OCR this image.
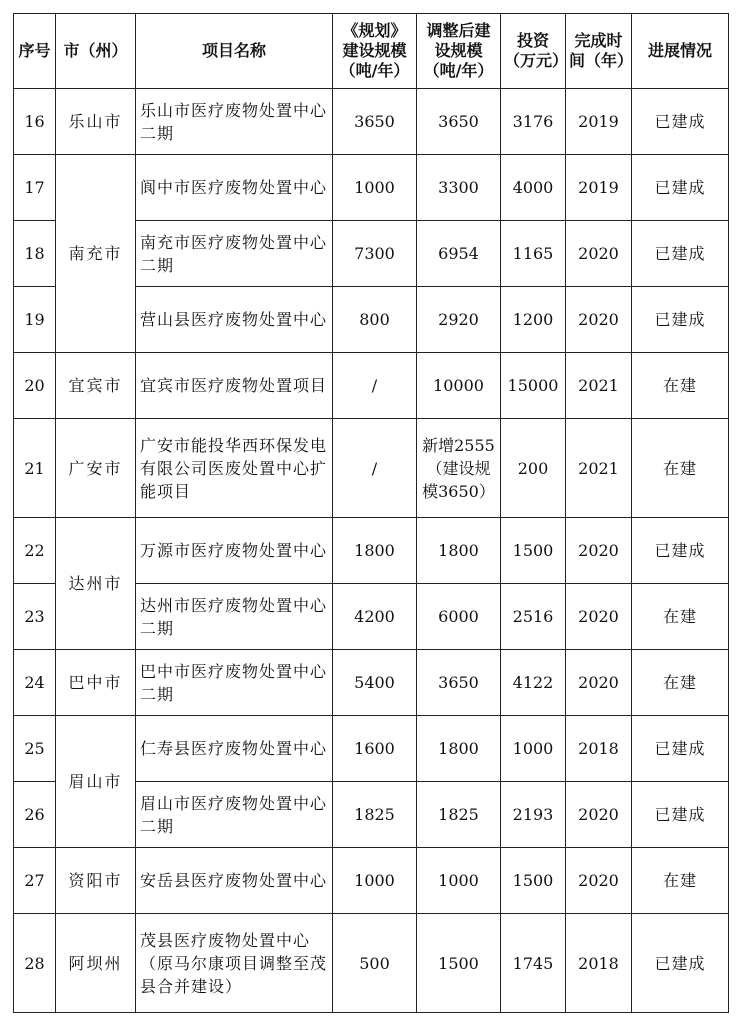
序号	市（州）	项目名称	《规划》建设规模（吨/年）	调整后建设规模（吨/年）	投资（万元）	完成时间（年）	进展情况
16	乐山市	乐山市医疗废物处置中心二期	3650	3650	3176	2019	已建成
17	南充市	阆中市医疗废物处置中心	1000	3300	4000	2019	已建成
18		南充市医疗废物处置中心二期	7300	6954	1165	2020	已建成
19		营山县医疗废物处置中心	800	2920	1200	2020	已建成
20	宜宾市	宜宾市医疗废物处置项目	/	10000	15000	2021	在建
21	广安市	广安市能投华西环保发电有限公司医废处置中心扩能项目	/	新增2555（建设规模3650）	200	2021	在建
22	达州市	万源市医疗废物处置中心	1800	1800	1500	2020	已建成
23		达州市医疗废物处置中心二期	4200	6000	2516	2020	在建
24	巴中市	巴中市医疗废物处置中心二期	5400	3650	4122	2020	在建
25	眉山市	仁寿县医疗废物处置中心	1600	1800	1000	2018	已建成
26		眉山市医疗废物处置中心二期	1825	1825	2193	2020	已建成
27	资阳市	安岳县医疗废物处置中心	1000	1000	1500	2020	在建
28	阿坝州	茂县医疗废物处置中心（原马尔康项目调整至茂县合并建设）	500	1500	1745	2018	已建成
